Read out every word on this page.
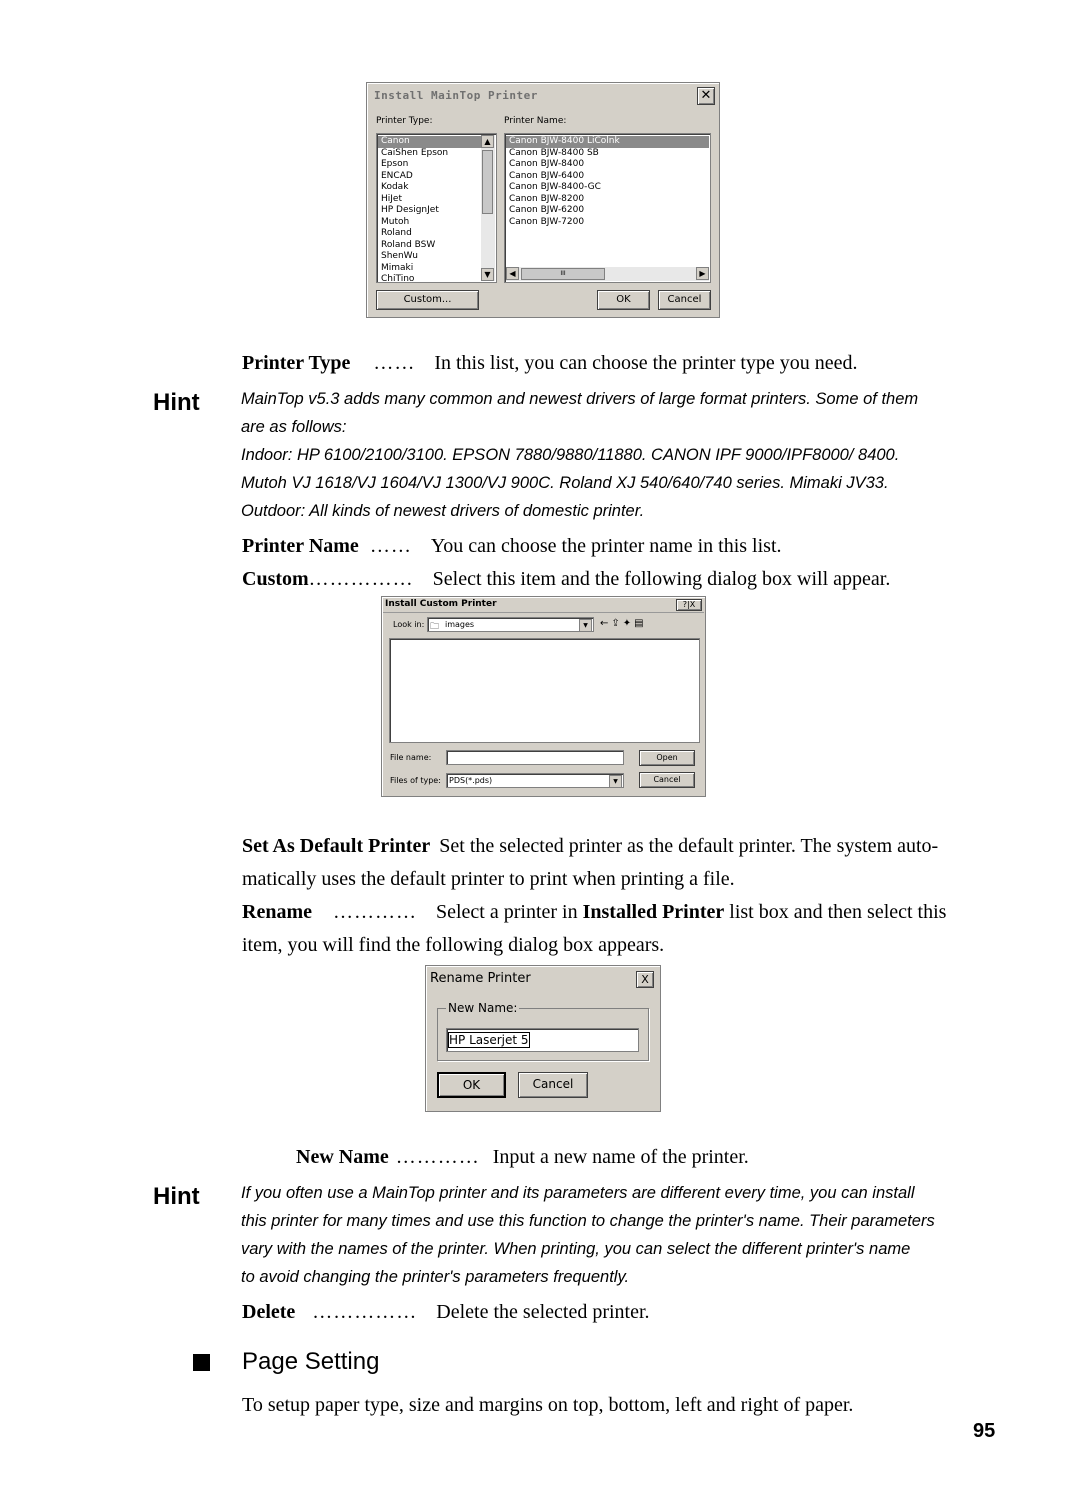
Install MainTop Printer	✕
Printer Type:	Printer Name:
Canon
CaiShen Epson
Epson
ENCAD
Kodak
HiJet
HP DesignJet
Mutoh
Roland
Roland BSW
ShenWu
Mimaki
ChiTino
▲
▼
Canon BJW-8400 LiColnk
Canon BJW-8400 SB
Canon BJW-8400
Canon BJW-6400
Canon BJW-8400-GC
Canon BJW-8200
Canon BJW-6200
Canon BJW-7200
◀	III	▶
Custom...	OK	Cancel
Printer Type …… In this list, you can choose the printer type you need.
Hint	MainTop v5.3 adds many common and newest drivers of large format printers. Some of them
are as follows:
Indoor: HP 6100/2100/3100. EPSON 7880/9880/11880. CANON IPF 9000/IPF8000/ 8400.
Mutoh VJ 1618/VJ 1604/VJ 1300/VJ 900C. Roland XJ 540/640/740 series. Mimaki JV33.
Outdoor: All kinds of newest drivers of domestic printer.
Printer Name …… You can choose the printer name in this list.
Custom…………… Select this item and the following dialog box will appear.
Install Custom Printer	?|X
Look in: 🗀 images	▼	←⇪✦▤
File name:	Open
Files of type: PDS(*.pds)	▼	Cancel
Set As Default Printer Set the selected printer as the default printer. The system auto-
matically uses the default printer to print when printing a file.
Rename ………… Select a printer in Installed Printer list box and then select this
item, you will find the following dialog box appears.
Rename Printer	X
New Name:
HP Laserjet 5
OK	Cancel
New Name ………… Input a new name of the printer.
Hint	If you often use a MainTop printer and its parameters are different every time, you can install
this printer for many times and use this function to change the printer's name. Their parameters
vary with the names of the printer. When printing, you can select the different printer's name
to avoid changing the printer's parameters frequently.
Delete …………… Delete the selected printer.
Page Setting
To setup paper type, size and margins on top, bottom, left and right of paper.
95
